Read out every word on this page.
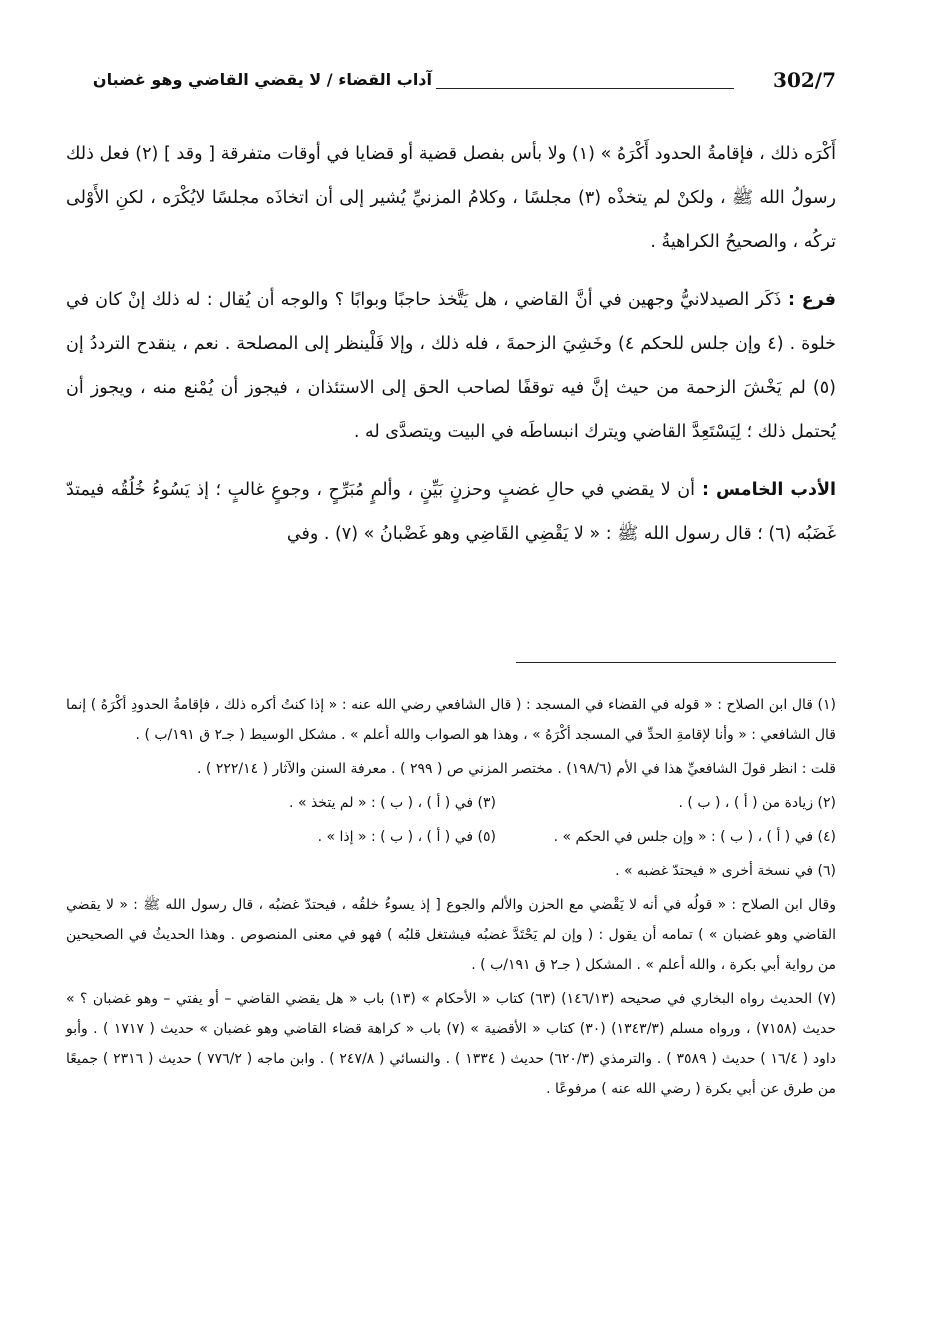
302/7
آداب القضاء / لا يقضي القاضي وهو غضبان

أَكْرَه ذلك ، فإقامةُ الحدود أَكْرَهُ » (١) ولا بأس بفصل قضية أو قضايا في أوقات متفرقة [ وقد ] (٢) فعل ذلك رسولُ الله ﷺ ، ولكنْ لم يتخذْه (٣) مجلسًا ، وكلامُ المزنيِّ يُشير إلى أن اتخاذَه مجلسًا لايُكْرَه ، لكنِ الأَوْلى تركُه ، والصحيحُ الكراهيةُ .

فرع : ذَكَر الصيدلانيُّ وجهين في أنَّ القاضي ، هل يَتَّخذ حاجبًا وبوابًا ؟ والوجه أن يُقال : له ذلك إنْ كان في خلوة . (٤ وإن جلس للحكم ٤) وخَشِيَ الزحمةَ ، فله ذلك ، وإلا فَلْينظر إلى المصلحة . نعم ، ينقدح الترددُ إن (٥) لم يَخْشَ الزحمة من حيث إنَّ فيه توقفًا لصاحب الحق إلى الاستئذان ، فيجوز أن يُمْنع منه ، ويجوز أن يُحتمل ذلك ؛ لِيَسْتَعِدَّ القاضي ويترك انبساطَه في البيت ويتصدَّى له .

الأدب الخامس : أن لا يقضي في حالِ غضبٍ وحزنٍ بَيِّنٍ ، وألمٍ مُبَرِّحٍ ، وجوعٍ غالبٍ ؛ إذ يَسُوءُ خُلُقُه فيمتدّ غَضَبُه (٦) ؛ قال رسول الله ﷺ : « لا يَقْضِي القَاضِي وهو غَضْبانُ » (٧) . وفي

(١) قال ابن الصلاح : « قوله في القضاء في المسجد : ( قال الشافعي رضي الله عنه : « إذا كنتُ أكره ذلك ، فإقامةُ الحدودِ أكْرَهُ ) إنما قال الشافعي : « وأنا لإقامةِ الحدِّ في المسجد أكْرَهُ » ، وهذا هو الصواب والله أعلم » . مشكل الوسيط ( جـ٢ ق ١٩١/ب ) .

قلت : انظر قولَ الشافعيِّ هذا في الأم (١٩٨/٦) . مختصر المزني ص ( ٢٩٩ ) . معرفة السنن والآثار ( ٢٢٢/١٤ ) .

(٢) زيادة من ( أ ) ، ( ب ) .
(٣) في ( أ ) ، ( ب ) : « لم يتخذ » .
(٤) في ( أ ) ، ( ب ) : « وإن جلس في الحكم » .
(٥) في ( أ ) ، ( ب ) : « إذا » .

(٦) في نسخة أخرى « فيحتدّ غضبه » .

وقال ابن الصلاح : « قولُه في أنه لا يَقْضي مع الحزن والألم والجوع [ إذ يسوءُ خلقُه ، فيحتدّ غضبُه ، قال رسول الله ﷺ : « لا يقضي القاضي وهو غضبان » ) تمامه أن يقول : ( وإن لم يَحْتَدَّ غضبُه فيشتغل قلبُه ) فهو في معنى المنصوص . وهذا الحديثُ في الصحيحين من رواية أبي بكرة ، والله أعلم » . المشكل ( جـ٢ ق ١٩١/ب ) .

(٧) الحديث رواه البخاري في صحيحه (١٤٦/١٣) (٦٣) كتاب « الأحكام » (١٣) باب « هل يقضي القاضي – أو يفتي – وهو غضبان ؟ » حديث (٧١٥٨) ، ورواه مسلم (١٣٤٣/٣) (٣٠) كتاب « الأقضية » (٧) باب « كراهة قضاء القاضي وهو غضبان » حديث ( ١٧١٧ ) . وأبو داود ( ١٦/٤ ) حديث ( ٣٥٨٩ ) . والترمذي (٦٢٠/٣) حديث ( ١٣٣٤ ) . والنسائي ( ٢٤٧/٨ ) . وابن ماجه ( ٧٧٦/٢ ) حديث ( ٢٣١٦ ) جميعًا من طرق عن أبي بكرة ( رضي الله عنه ) مرفوعًا .
